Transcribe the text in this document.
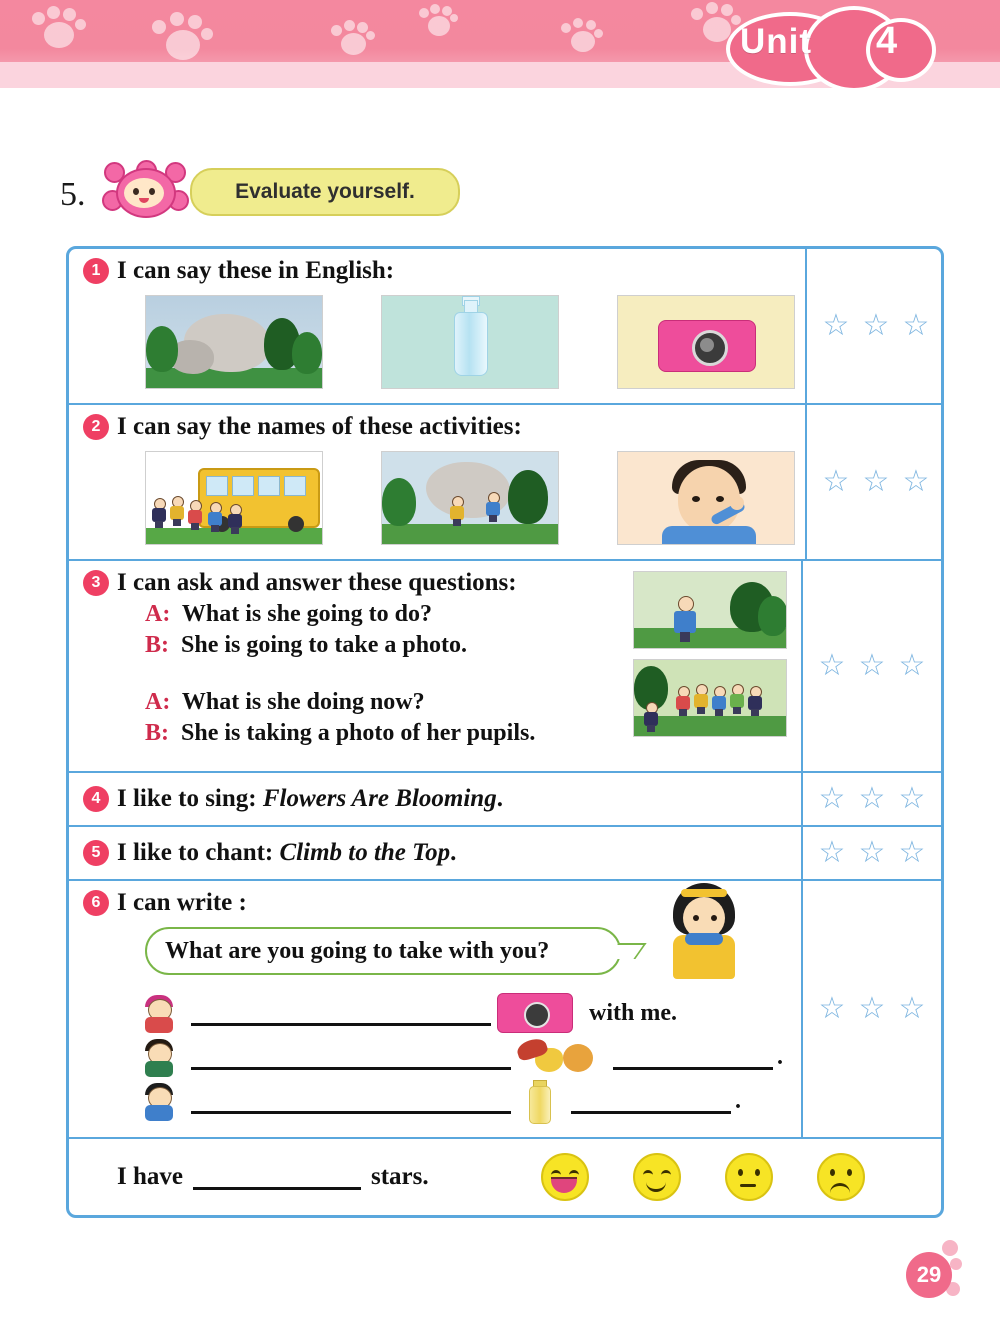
Unit 4
5.	Evaluate yourself.
1 I can say these in English:
☆ ☆ ☆
2 I can say the names of these activities:
☆ ☆ ☆
3 I can ask and answer these questions:
A: What is she going to do?
B: She is going to take a photo.
A: What is she doing now?
B: She is taking a photo of her pupils.
☆ ☆ ☆
4 I like to sing: Flowers Are Blooming.	☆ ☆ ☆
5 I like to chant: Climb to the Top.	☆ ☆ ☆
6 I can write :
What are you going to take with you?
with me.
.
.
☆ ☆ ☆
I have	stars.
29
